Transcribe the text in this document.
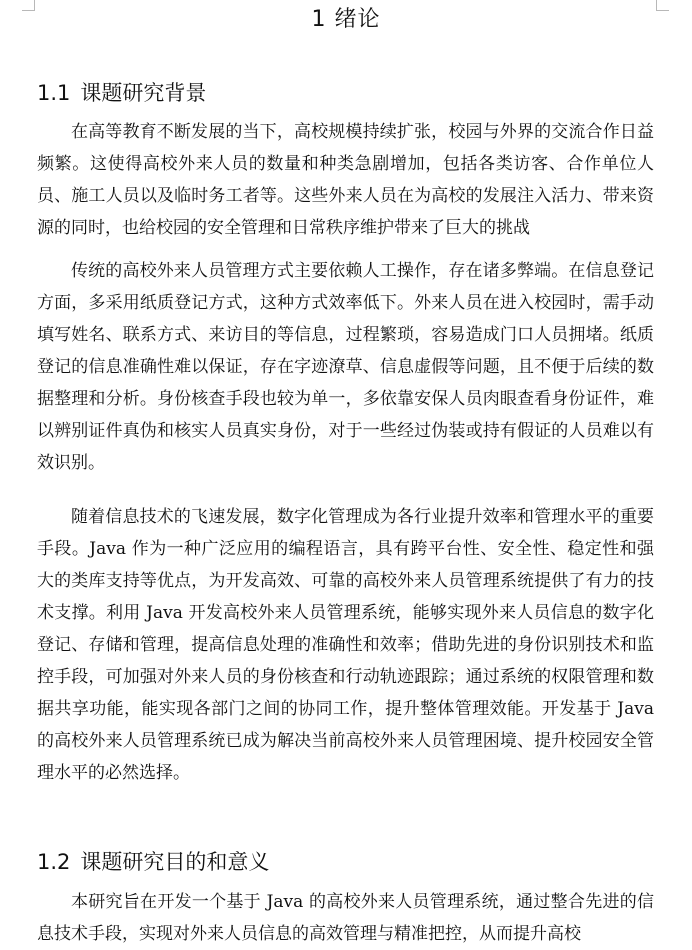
1 绪论
1.1 课题研究背景

在高等教育不断发展的当下，高校规模持续扩张，校园与外界的交流合作日益频繁。这使得高校外来人员的数量和种类急剧增加，包括各类访客、合作单位人员、施工人员以及临时务工者等。这些外来人员在为高校的发展注入活力、带来资源的同时，也给校园的安全管理和日常秩序维护带来了巨大的挑战

传统的高校外来人员管理方式主要依赖人工操作，存在诸多弊端。在信息登记方面，多采用纸质登记方式，这种方式效率低下。外来人员在进入校园时，需手动填写姓名、联系方式、来访目的等信息，过程繁琐，容易造成门口人员拥堵。纸质登记的信息准确性难以保证，存在字迹潦草、信息虚假等问题，且不便于后续的数据整理和分析。身份核查手段也较为单一，多依靠安保人员肉眼查看身份证件，难以辨别证件真伪和核实人员真实身份，对于一些经过伪装或持有假证的人员难以有效识别。

随着信息技术的飞速发展，数字化管理成为各行业提升效率和管理水平的重要手段。Java 作为一种广泛应用的编程语言，具有跨平台性、安全性、稳定性和强大的类库支持等优点，为开发高效、可靠的高校外来人员管理系统提供了有力的技术支撑。利用 Java 开发高校外来人员管理系统，能够实现外来人员信息的数字化登记、存储和管理，提高信息处理的准确性和效率；借助先进的身份识别技术和监控手段，可加强对外来人员的身份核查和行动轨迹跟踪；通过系统的权限管理和数据共享功能，能实现各部门之间的协同工作，提升整体管理效能。开发基于 Java 的高校外来人员管理系统已成为解决当前高校外来人员管理困境、提升校园安全管理水平的必然选择。

1.2 课题研究目的和意义

本研究旨在开发一个基于 Java 的高校外来人员管理系统，通过整合先进的信息技术手段，实现对外来人员信息的高效管理与精准把控，从而提升高校
